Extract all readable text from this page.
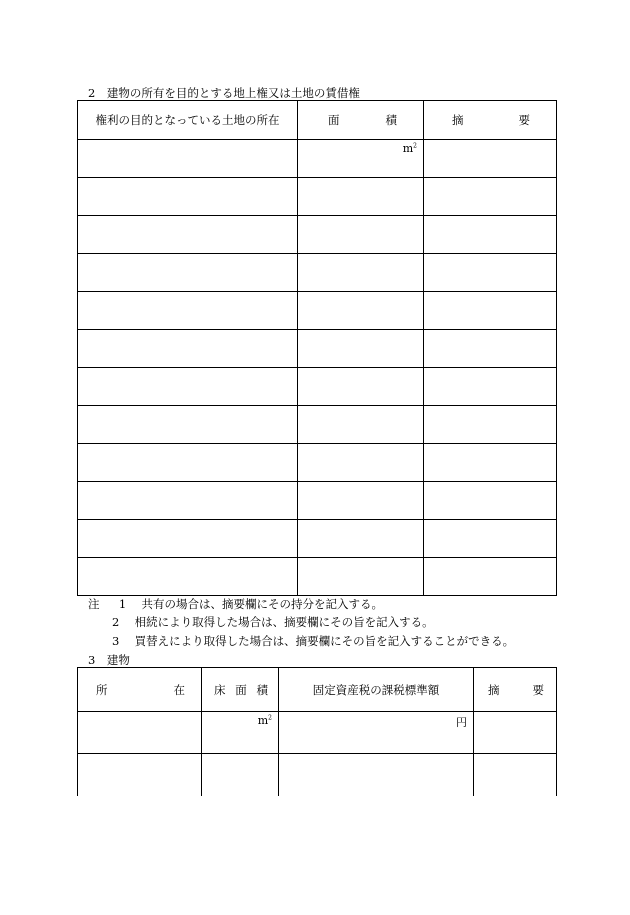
2　建物の所有を目的とする地上権又は土地の賃借権
権利の目的となっている土地の所在	面 積	摘 要

	$m^2$

注 1 共有の場合は、摘要欄にその持分を記入する。
2 相続により取得した場合は、摘要欄にその旨を記入する。
3 買替えにより取得した場合は、摘要欄にその旨を記入することができる。
3　建物
所 在	床 面 積	固定資産税の課税標準額	摘 要

	$m^2$	円	
